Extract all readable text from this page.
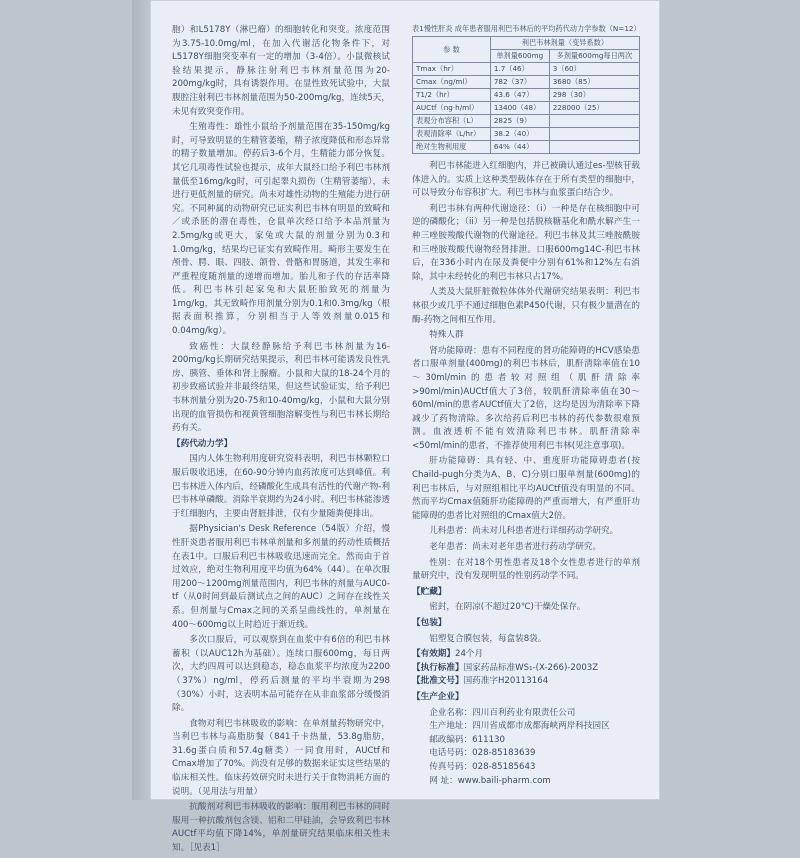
胞）和L5178Y（淋巴瘤）的细胞转化和突变。浓度范围为3.75-10.0mg/ml，在加入代谢活化物条件下，对L5178Y细胞突变率有一定的增加（3-4倍）。小鼠微核试验结果提示，静脉注射利巴韦林剂量范围为20-200mg/kg时，具有诱裂作用。在显性致死试验中，大鼠腹腔注射利巴韦林剂量范围为50-200mg/kg，连续5天，未见有致突变作用。

生殖毒性：雄性小鼠给予剂量范围在35-150mg/kg时，可导致明显的生精管萎缩，精子浓度降低和形态异常的精子数量增加。停药后3-6个月，生精能力部分恢复。其它几项毒性试验也提示，成年大鼠经口给予利巴韦林剂量低至16mg/kg时，可引起睾丸损伤（生精管萎缩），未进行更低剂量的研究。尚未对雄性动物的生殖能力进行研究。不同种属的动物研究已证实利巴韦林有明显的致畸和／或杀胚的潜在毒性，仓鼠单次经口给予本品剂量为2.5mg/kg或更大，家兔或大鼠的剂量分别为0.3和1.0mg/kg，结果均已证实有致畸作用。畸形主要发生在颅骨、腭、眼、四肢、颌骨、骨骼和胃肠道，其发生率和严重程度随剂量的递增而增加。胎儿和子代的存活率降低。利巴韦林引起家兔和大鼠胚胎致死的剂量为1mg/kg，其无致畸作用剂量分别为0.1和0.3mg/kg（根据表面积推算，分别相当于人等效剂量0.015和0.04mg/kg）。

致癌性：大鼠经静脉给予利巴韦林剂量为16-200mg/kg长期研究结果提示，利巴韦林可能诱发良性乳房、胰管、垂体和肾上腺瘤。小鼠和大鼠的18-24个月的初步致癌试验并非最终结果，但这些试验证实，给予利巴韦林剂量分别为20-75和10-40mg/kg，小鼠和大鼠分别出现的血管损伤和视黄管细胞溶解变性与利巴韦林长期给药有关。

【药代动力学】

国内人体生物利用度研究资料表明，利巴韦林颗粒口服后吸收迅速，在60-90分钟内血药浓度可达到峰值。利巴韦林进入体内后，经磷酸化生成具有活性的代谢产物-利巴韦林单磷酸。消除半衰期约为24小时。利巴韦林能渗透于红细胞内，主要由肾脏排泄，仅有少量随粪便排出。

据Physician's Desk Reference（54版）介绍，慢性肝炎患者服用利巴韦林单剂量和多剂量的药动性质概括在表1中。口服后利巴韦林吸收迅速而完全。然而由于首过效应，绝对生物利用度平均值为64%（44）。在单次服用200～1200mg剂量范围内，利巴韦林的剂量与AUC0-tf（从0时间到最后测试点之间的AUC）之间存在线性关系。但剂量与Cmax之间的关系呈曲线性的，单剂量在400～600mg以上时趋近于渐近线。

多次口服后，可以观察到在血浆中有6倍的利巴韦林蓄积（以AUC12h为基础）。连续口服600mg，每日两次，大约四周可以达到稳态，稳态血浆平均浓度为2200（37%）ng/ml，停药后测量的平均半衰期为298（30%）小时，这表明本品可能存在从非血浆部分缓慢消除。

食物对利巴韦林吸收的影响：在单剂量药物研究中，当利巴韦林与高脂肪餐（841千卡热量，53.8g脂肪，31.6g蛋白质和57.4g糖类）一同食用时，AUCtf和Cmax增加了70%。尚没有足够的数据来证实这些结果的临床相关性。临床药效研究时未进行关于食物消耗方面的说明。（见用法与用量）

抗酸剂对利巴韦林吸收的影响：服用利巴韦林的同时服用一种抗酸剂包含镁、铝和二甲硅油，会导致利巴韦林AUCtf平均值下降14%，单剂量研究结果临床相关性未知。［见表1］

表1慢性肝炎 成年患者服用利巴韦林后的平均药代动力学参数（N=12）
参 数	利巴韦林剂量（变异系数）	
	单剂量600mg	多剂量600mg每日两次
Tmax（hr）	1.7（46）	3（60）
Cmax（ng/ml）	782（37）	3680（85）
T1/2（hr）	43.6（47）	298（30）
AUCtf（ng·h/ml）	13400（48）	228000（25）
表观分布容积（L）	2825（9）	
表观清除率（L/hr）	38.2（40）	
绝对生物利用度	64%（44）	

利巴韦林能进入红细胞内，并已被确认通过es-型核苷载体进入的。实质上这种类型载体存在于所有类型的细胞中，可以导致分布容积扩大。利巴韦林与血浆蛋白结合少。

利巴韦林有两种代谢途径：（i）一种是存在核细胞中可逆的磷酸化；（ii）另一种是包括脱核糖基化和酰水解产生一种三唑胺羧酸代谢物的代谢途径。利巴韦林及其三唑胺酰胺和三唑胺羧酸代谢物经肾排泄。口服600mg14C-利巴韦林后，在336小时内在尿及粪便中分别有61%和12%左右消除，其中未经转化的利巴韦林只占17%。

人类及大鼠肝脏微粒体体外代谢研究结果表明：利巴韦林很少或几乎不通过细胞色素P450代谢，只有极少量潜在的酶-药物之间相互作用。

特殊人群

肾功能障碍：患有不同程度的肾功能障碍的HCV感染患者口服单剂量(400mg)的利巴韦林后，肌酐清除率值在10～30ml/min的患者较对照组（肌酐清除率>90ml/min)AUCtf值大了3倍，较肌酐清除率值在30～60ml/min的患者AUCtf值大了2倍，这均是因为清除率下降减少了药物清除。多次给药后利巴韦林的药代参数很难预测。血液透析不能有效清除利巴韦林。肌酐清除率<50ml/min的患者，不推荐使用利巴韦林(见注意事项)。

肝功能障碍：具有轻、中、重度肝功能障碍患者(按Chaild-pugh分类为A、B、C)分别口服单剂量(600mg)的利巴韦林后，与对照组相比平均AUCtf值没有明显的不同。然而平均Cmax值随肝功能障碍的严重而增大，有严重肝功能障碍的患者比对照组的Cmax值大2倍。

儿科患者：尚未对儿科患者进行详细药动学研究。

老年患者：尚未对老年患者进行药动学研究。

性别：在对18个男性患者及18个女性患者进行的单剂量研究中，没有发现明显的性别药动学不同。

【贮藏】

密封，在阴凉(不超过20℃)干燥处保存。

【包装】

铝塑复合膜包装，每盒装8袋。

【有效期】24个月

【执行标准】国家药品标准WS₁-(X-266)-2003Z

【批准文号】国药准字H20113164

【生产企业】

企业名称：四川百利药业有限责任公司

生产地址：四川省成都市成都海峡两岸科技园区

邮政编码：611130

电话号码：028-85183639

传真号码：028-85185643

网 址：www.baili-pharm.com
